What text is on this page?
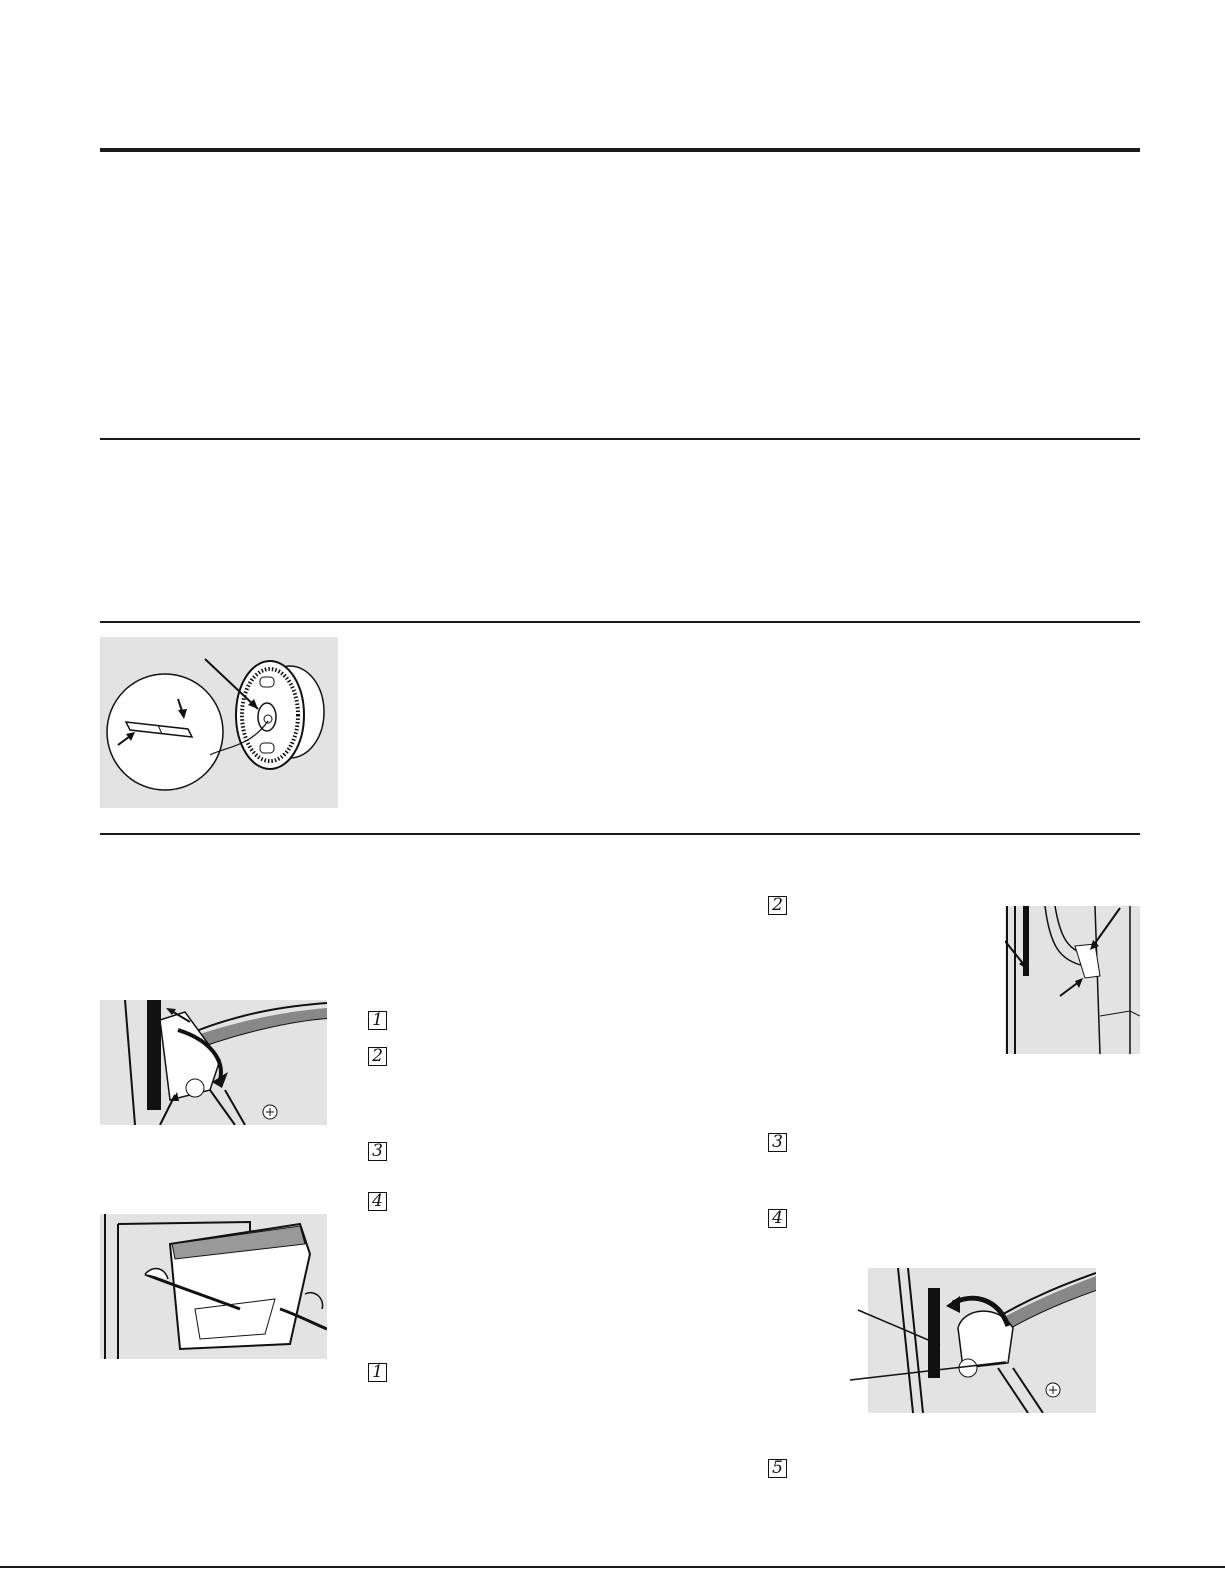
1
2
3
4
1
2
3
4
5
